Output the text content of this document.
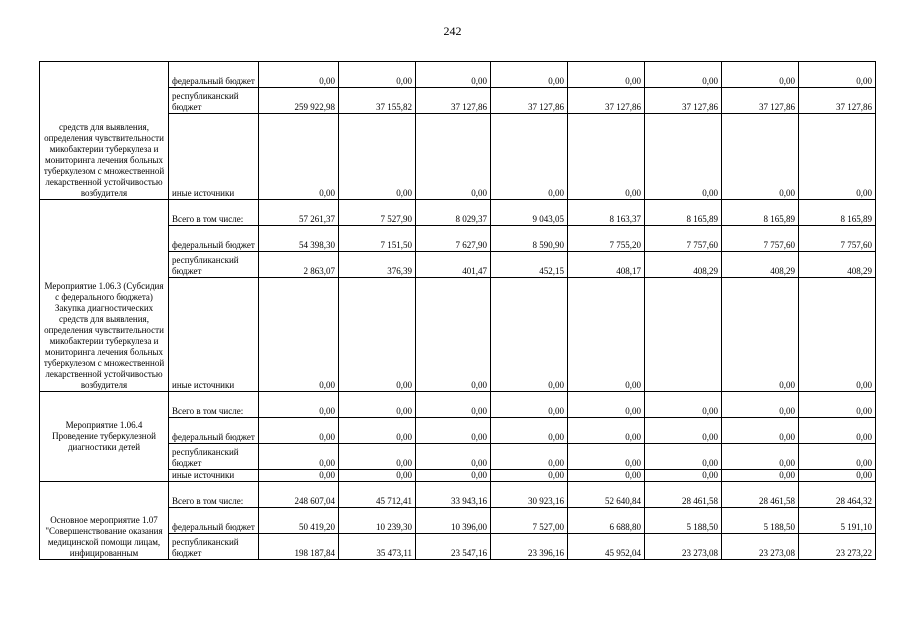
242
средств для выявления, определения чувствительности микобактерии туберкулеза и мониторинга лечения больных туберкулезом с множественной лекарственной устойчивостью возбудителя	федеральный бюджет	0,00	0,00	0,00	0,00	0,00	0,00	0,00	0,00
	республиканский бюджет	259 922,98	37 155,82	37 127,86	37 127,86	37 127,86	37 127,86	37 127,86	37 127,86
	иные источники	0,00	0,00	0,00	0,00	0,00	0,00	0,00	0,00
Мероприятие 1.06.3 (Субсидия с федерального бюджета) Закупка диагностических средств для выявления, определения чувствительности микобактерии туберкулеза и мониторинга лечения больных туберкулезом с множественной лекарственной устойчивостью возбудителя	Всего в том числе:	57 261,37	7 527,90	8 029,37	9 043,05	8 163,37	8 165,89	8 165,89	8 165,89
	федеральный бюджет	54 398,30	7 151,50	7 627,90	8 590,90	7 755,20	7 757,60	7 757,60	7 757,60
	республиканский бюджет	2 863,07	376,39	401,47	452,15	408,17	408,29	408,29	408,29
	иные источники	0,00	0,00	0,00	0,00	0,00		0,00	0,00
Мероприятие 1.06.4 Проведение туберкулезной диагностики детей	Всего в том числе:	0,00	0,00	0,00	0,00	0,00	0,00	0,00	0,00
	федеральный бюджет	0,00	0,00	0,00	0,00	0,00	0,00	0,00	0,00
	республиканский бюджет	0,00	0,00	0,00	0,00	0,00	0,00	0,00	0,00
	иные источники	0,00	0,00	0,00	0,00	0,00	0,00	0,00	0,00
Основное мероприятие 1.07 "Совершенствование оказания медицинской помощи лицам, инфицированным	Всего в том числе:	248 607,04	45 712,41	33 943,16	30 923,16	52 640,84	28 461,58	28 461,58	28 464,32
	федеральный бюджет	50 419,20	10 239,30	10 396,00	7 527,00	6 688,80	5 188,50	5 188,50	5 191,10
	республиканский бюджет	198 187,84	35 473,11	23 547,16	23 396,16	45 952,04	23 273,08	23 273,08	23 273,22
